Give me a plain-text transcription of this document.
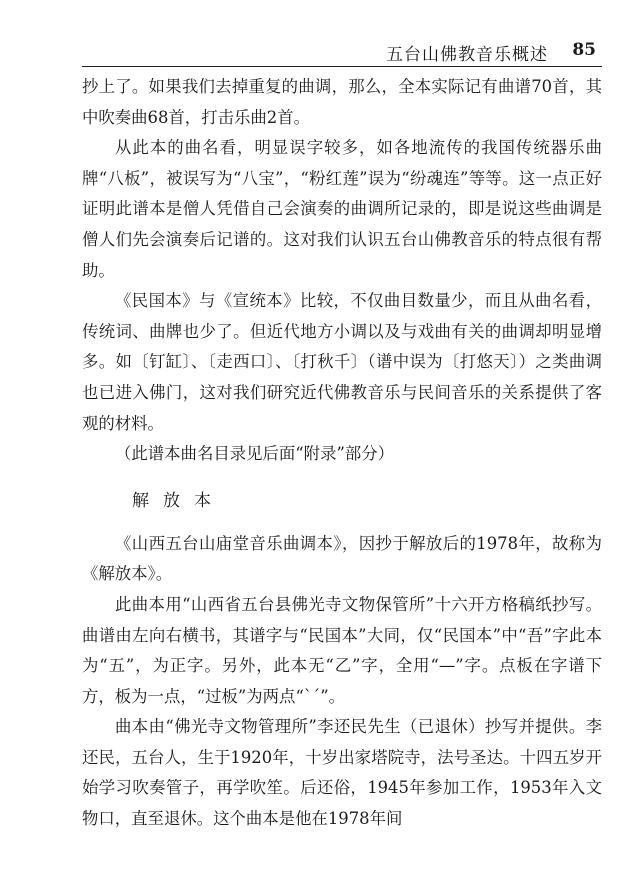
五台山佛教音乐概述 85

抄上了。如果我们去掉重复的曲调，那么，全本实际记有曲谱70首，其中吹奏曲68首，打击乐曲2首。

从此本的曲名看，明显误字较多，如各地流传的我国传统器乐曲牌“八板”，被误写为“八宝”，“粉红莲”误为“纷魂连”等等。这一点正好证明此谱本是僧人凭借自己会演奏的曲调所记录的，即是说这些曲调是僧人们先会演奏后记谱的。这对我们认识五台山佛教音乐的特点很有帮助。

《民国本》与《宣统本》比较，不仅曲目数量少，而且从曲名看，传统词、曲牌也少了。但近代地方小调以及与戏曲有关的曲调却明显增多。如〔钉缸〕、〔走西口〕、〔打秋千〕（谱中误为〔打悠天〕）之类曲调也已进入佛门，这对我们研究近代佛教音乐与民间音乐的关系提供了客观的材料。

（此谱本曲名目录见后面“附录”部分）

解放本

《山西五台山庙堂音乐曲调本》，因抄于解放后的1978年，故称为《解放本》。

此曲本用“山西省五台县佛光寺文物保管所”十六开方格稿纸抄写。曲谱由左向右横书，其谱字与“民国本”大同，仅“民国本”中“吾”字此本为“五”，为正字。另外，此本无“乙”字，全用“—”字。点板在字谱下方，板为一点，“过板”为两点“ˋˊ”。

曲本由“佛光寺文物管理所”李还民先生（已退休）抄写并提供。李还民，五台人，生于1920年，十岁出家塔院寺，法号圣达。十四五岁开始学习吹奏管子，再学吹笙。后还俗，1945年参加工作，1953年入文物口，直至退休。这个曲本是他在1978年间
